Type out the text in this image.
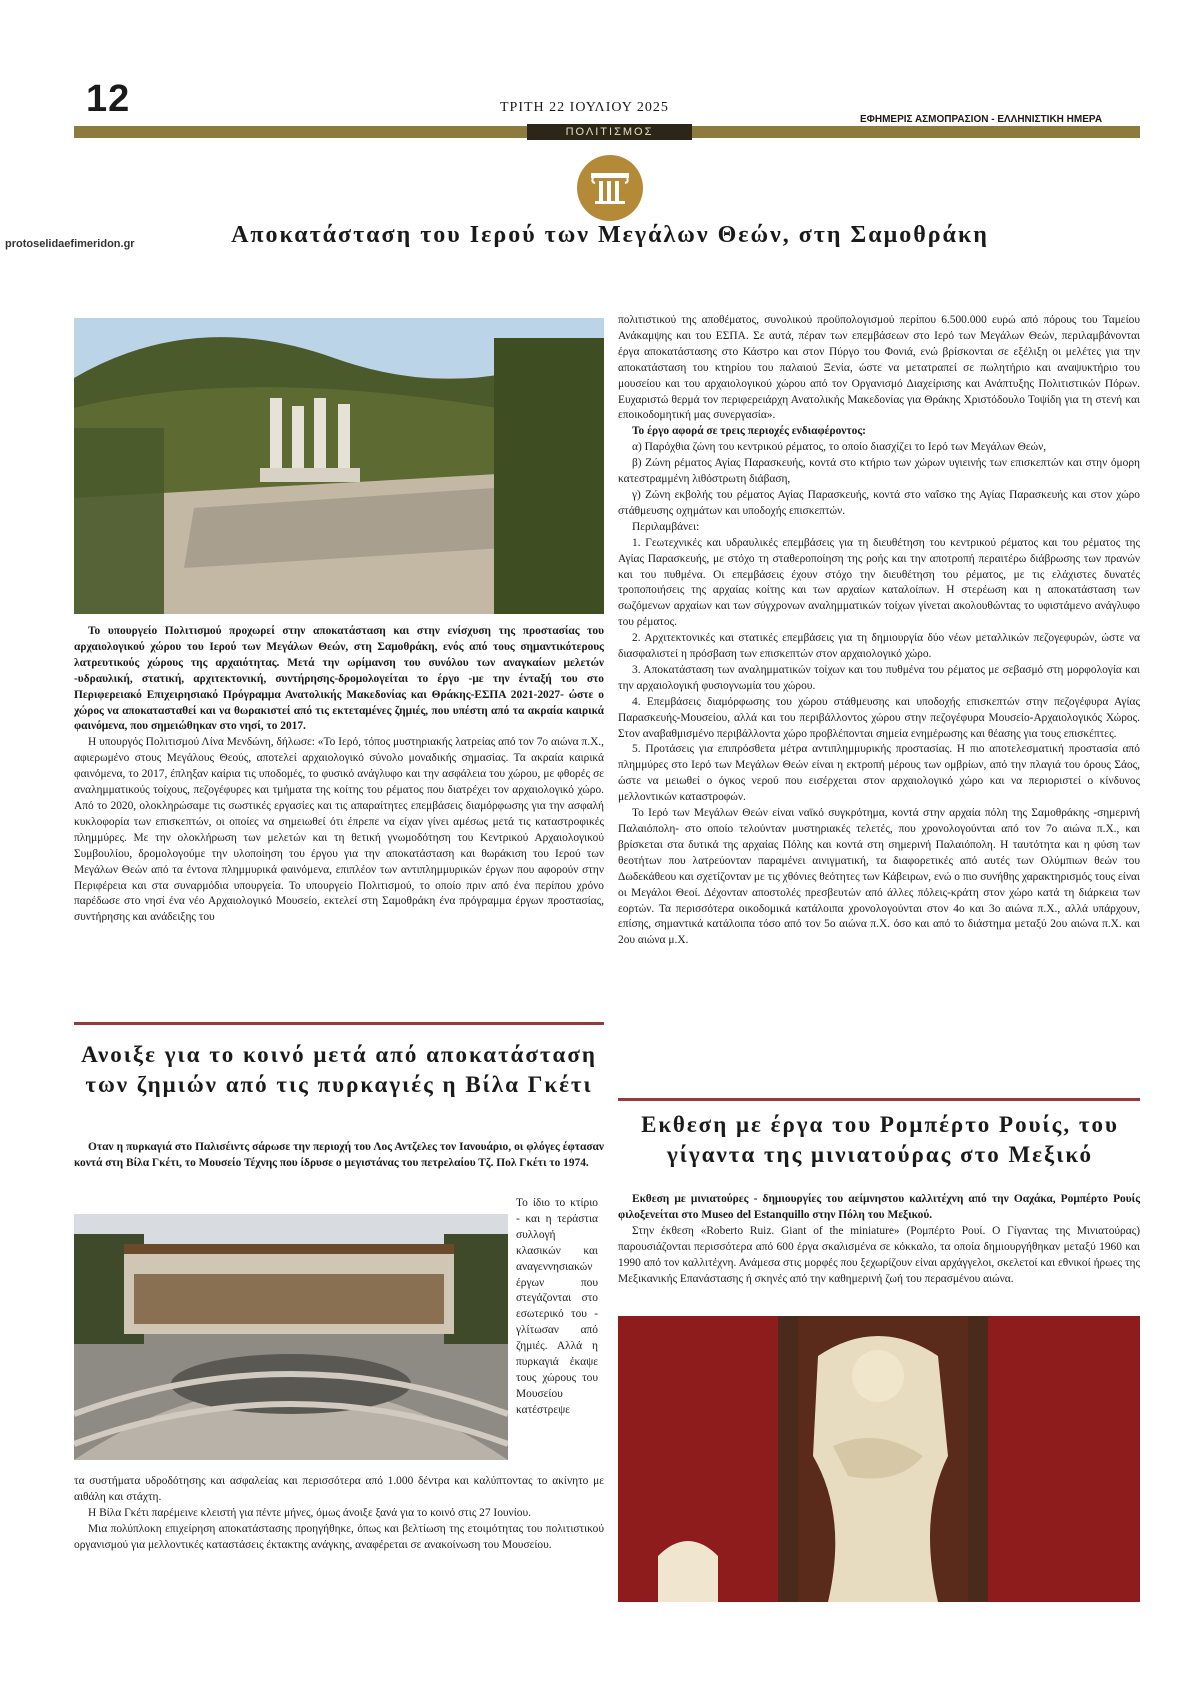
12	ΤΡΙΤΗ 22 ΙΟΥΛΙΟΥ 2025
ΕΦΗΜΕΡΙΣ ΑΣΜΟΠΡΑΣΙΟΝ - ΕΛΛΗΝΙΣΤΙΚΗ ΗΜΕΡΑ
ΠΟΛΙΤΙΣΜΟΣ
protoselidaefimeridon.gr	Αποκατάσταση του Ιερού των Μεγάλων Θεών, στη Σαμοθράκη

Το υπουργείο Πολιτισμού προχωρεί στην αποκατάσταση και στην ενίσχυση της προστασίας του αρχαιολογικού χώρου του Ιερού των Μεγάλων Θεών, στη Σαμοθράκη, ενός από τους σημαντικότερους λατρευτικούς χώρους της αρχαιότητας. Μετά την ωρίμανση του συνόλου των αναγκαίων μελετών -υδραυλική, στατική, αρχιτεκτονική, συντήρησης-δρομολογείται το έργο -με την ένταξή του στο Περιφερειακό Επιχειρησιακό Πρόγραμμα Ανατολικής Μακεδονίας και Θράκης-ΕΣΠΑ 2021-2027- ώστε ο χώρος να αποκατασταθεί και να θωρακιστεί από τις εκτεταμένες ζημιές, που υπέστη από τα ακραία καιρικά φαινόμενα, που σημειώθηκαν στο νησί, το 2017.

Η υπουργός Πολιτισμού Λίνα Μενδώνη, δήλωσε: «Το Ιερό, τόπος μυστηριακής λατρείας από τον 7ο αιώνα π.Χ., αφιερωμένο στους Μεγάλους Θεούς, αποτελεί αρχαιολογικό σύνολο μοναδικής σημασίας. Τα ακραία καιρικά φαινόμενα, το 2017, έπληξαν καίρια τις υποδομές, το φυσικό ανάγλυφο και την ασφάλεια του χώρου, με φθορές σε αναλημματικούς τοίχους, πεζογέφυρες και τμήματα της κοίτης του ρέματος που διατρέχει τον αρχαιολογικό χώρο. Από το 2020, ολοκληρώσαμε τις σωστικές εργασίες και τις απαραίτητες επεμβάσεις διαμόρφωσης για την ασφαλή κυκλοφορία των επισκεπτών, οι οποίες να σημειωθεί ότι έπρεπε να είχαν γίνει αμέσως μετά τις καταστροφικές πλημμύρες. Με την ολοκλήρωση των μελετών και τη θετική γνωμοδότηση του Κεντρικού Αρχαιολογικού Συμβουλίου, δρομολογούμε την υλοποίηση του έργου για την αποκατάσταση και θωράκιση του Ιερού των Μεγάλων Θεών από τα έντονα πλημμυρικά φαινόμενα, επιπλέον των αντιπλημμυρικών έργων που αφορούν στην Περιφέρεια και στα συναρμόδια υπουργεία. Το υπουργείο Πολιτισμού, το οποίο πριν από ένα περίπου χρόνο παρέδωσε στο νησί ένα νέο Αρχαιολογικό Μουσείο, εκτελεί στη Σαμοθράκη ένα πρόγραμμα έργων προστασίας, συντήρησης και ανάδειξης του

Ανοιξε για το κοινό μετά από αποκατάσταση των ζημιών από τις πυρκαγιές η Βίλα Γκέτι

Οταν η πυρκαγιά στο Παλισέιντς σάρωσε την περιοχή του Λος Αντζελες τον Ιανουάριο, οι φλόγες έφτασαν κοντά στη Βίλα Γκέτι, το Μουσείο Τέχνης που ίδρυσε ο μεγιστάνας του πετρελαίου Τζ. Πολ Γκέτι το 1974.

Το ίδιο το κτίριο - και η τεράστια συλλογή κλασικών και αναγεννησιακών έργων που στεγάζονται στο εσωτερικό του - γλίτωσαν από ζημιές. Αλλά η πυρκαγιά έκαψε τους χώρους του Μουσείου κατέστρεψε

τα συστήματα υδροδότησης και ασφαλείας και περισσότερα από 1.000 δέντρα και καλύπτοντας το ακίνητο με αιθάλη και στάχτη.

Η Βίλα Γκέτι παρέμεινε κλειστή για πέντε μήνες, όμως άνοιξε ξανά για το κοινό στις 27 Ιουνίου.

Μια πολύπλοκη επιχείρηση αποκατάστασης προηγήθηκε, όπως και βελτίωση της ετοιμότητας του πολιτιστικού οργανισμού για μελλοντικές καταστάσεις έκτακτης ανάγκης, αναφέρεται σε ανακοίνωση του Μουσείου.

πολιτιστικού της αποθέματος, συνολικού προϋπολογισμού περίπου 6.500.000 ευρώ από πόρους του Ταμείου Ανάκαμψης και του ΕΣΠΑ. Σε αυτά, πέραν των επεμβάσεων στο Ιερό των Μεγάλων Θεών, περιλαμβάνονται έργα αποκατάστασης στο Κάστρο και στον Πύργο του Φονιά, ενώ βρίσκονται σε εξέλιξη οι μελέτες για την αποκατάσταση του κτηρίου του παλαιού Ξενία, ώστε να μετατραπεί σε πωλητήριο και αναψυκτήριο του μουσείου και του αρχαιολογικού χώρου από τον Οργανισμό Διαχείρισης και Ανάπτυξης Πολιτιστικών Πόρων. Ευχαριστώ θερμά τον περιφερειάρχη Ανατολικής Μακεδονίας για Θράκης Χριστόδουλο Τοψίδη για τη στενή και εποικοδομητική μας συνεργασία».

Το έργο αφορά σε τρεις περιοχές ενδιαφέροντος:

α) Παρόχθια ζώνη του κεντρικού ρέματος, το οποίο διασχίζει το Ιερό των Μεγάλων Θεών,

β) Ζώνη ρέματος Αγίας Παρασκευής, κοντά στο κτήριο των χώρων υγιεινής των επισκεπτών και στην όμορη κατεστραμμένη λιθόστρωτη διάβαση,

γ) Ζώνη εκβολής του ρέματος Αγίας Παρασκευής, κοντά στο ναΐσκο της Αγίας Παρασκευής και στον χώρο στάθμευσης οχημάτων και υποδοχής επισκεπτών.

Περιλαμβάνει:

1. Γεωτεχνικές και υδραυλικές επεμβάσεις για τη διευθέτηση του κεντρικού ρέματος και του ρέματος της Αγίας Παρασκευής, με στόχο τη σταθεροποίηση της ροής και την αποτροπή περαιτέρω διάβρωσης των πρανών και του πυθμένα. Οι επεμβάσεις έχουν στόχο την διευθέτηση του ρέματος, με τις ελάχιστες δυνατές τροποποιήσεις της αρχαίας κοίτης και των αρχαίων καταλοίπων. Η στερέωση και η αποκατάσταση των σωζόμενων αρχαίων και των σύγχρονων αναλημματικών τοίχων γίνεται ακολουθώντας το υφιστάμενο ανάγλυφο του ρέματος.

2. Αρχιτεκτονικές και στατικές επεμβάσεις για τη δημιουργία δύο νέων μεταλλικών πεζογεφυρών, ώστε να διασφαλιστεί η πρόσβαση των επισκεπτών στον αρχαιολογικό χώρο.

3. Αποκατάσταση των αναλημματικών τοίχων και του πυθμένα του ρέματος με σεβασμό στη μορφολογία και την αρχαιολογική φυσιογνωμία του χώρου.

4. Επεμβάσεις διαμόρφωσης του χώρου στάθμευσης και υποδοχής επισκεπτών στην πεζογέφυρα Αγίας Παρασκευής-Μουσείου, αλλά και του περιβάλλοντος χώρου στην πεζογέφυρα Μουσείο-Αρχαιολογικός Χώρος. Στον αναβαθμισμένο περιβάλλοντα χώρο προβλέπονται σημεία ενημέρωσης και θέασης για τους επισκέπτες.

5. Προτάσεις για επιπρόσθετα μέτρα αντιπλημμυρικής προστασίας. Η πιο αποτελεσματική προστασία από πλημμύρες στο Ιερό των Μεγάλων Θεών είναι η εκτροπή μέρους των ομβρίων, από την πλαγιά του όρους Σάος, ώστε να μειωθεί ο όγκος νερού που εισέρχεται στον αρχαιολογικό χώρο και να περιοριστεί ο κίνδυνος μελλοντικών καταστροφών.

Το Ιερό των Μεγάλων Θεών είναι ναϊκό συγκρότημα, κοντά στην αρχαία πόλη της Σαμοθράκης -σημερινή Παλαιόπολη- στο οποίο τελούνταν μυστηριακές τελετές, που χρονολογούνται από τον 7ο αιώνα π.Χ., και βρίσκεται στα δυτικά της αρχαίας Πόλης και κοντά στη σημερινή Παλαιόπολη. Η ταυτότητα και η φύση των θεοτήτων που λατρεύονταν παραμένει αινιγματική, τα διαφορετικές από αυτές των Ολύμπιων θεών του Δωδεκάθεου και σχετίζονταν με τις χθόνιες θεότητες των Κάβειρων, ενώ ο πιο συνήθης χαρακτηρισμός τους είναι οι Μεγάλοι Θεοί. Δέχονταν αποστολές πρεσβευτών από άλλες πόλεις-κράτη στον χώρο κατά τη διάρκεια των εορτών. Τα περισσότερα οικοδομικά κατάλοιπα χρονολογούνται στον 4ο και 3ο αιώνα π.Χ., αλλά υπάρχουν, επίσης, σημαντικά κατάλοιπα τόσο από τον 5ο αιώνα π.Χ. όσο και από το διάστημα μεταξύ 2ου αιώνα π.Χ. και 2ου αιώνα μ.Χ.

Εκθεση με έργα του Ρομπέρτο Ρουίς, του γίγαντα της μινιατούρας στο Μεξικό

Εκθεση με μινιατούρες - δημιουργίες του αείμνηστου καλλιτέχνη από την Οαχάκα, Ρομπέρτο Ρουίς φιλοξενείται στο Museo del Estanquillo στην Πόλη του Μεξικού.

Στην έκθεση «Roberto Ruiz. Giant of the miniature» (Ρομπέρτο Ρουί. Ο Γίγαντας της Μινιατούρας) παρουσιάζονται περισσότερα από 600 έργα σκαλισμένα σε κόκκαλο, τα οποία δημιουργήθηκαν μεταξύ 1960 και 1990 από τον καλλιτέχνη. Ανάμεσα στις μορφές που ξεχωρίζουν είναι αρχάγγελοι, σκελετοί και εθνικοί ήρωες της Μεξικανικής Επανάστασης ή σκηνές από την καθημερινή ζωή του περασμένου αιώνα.
